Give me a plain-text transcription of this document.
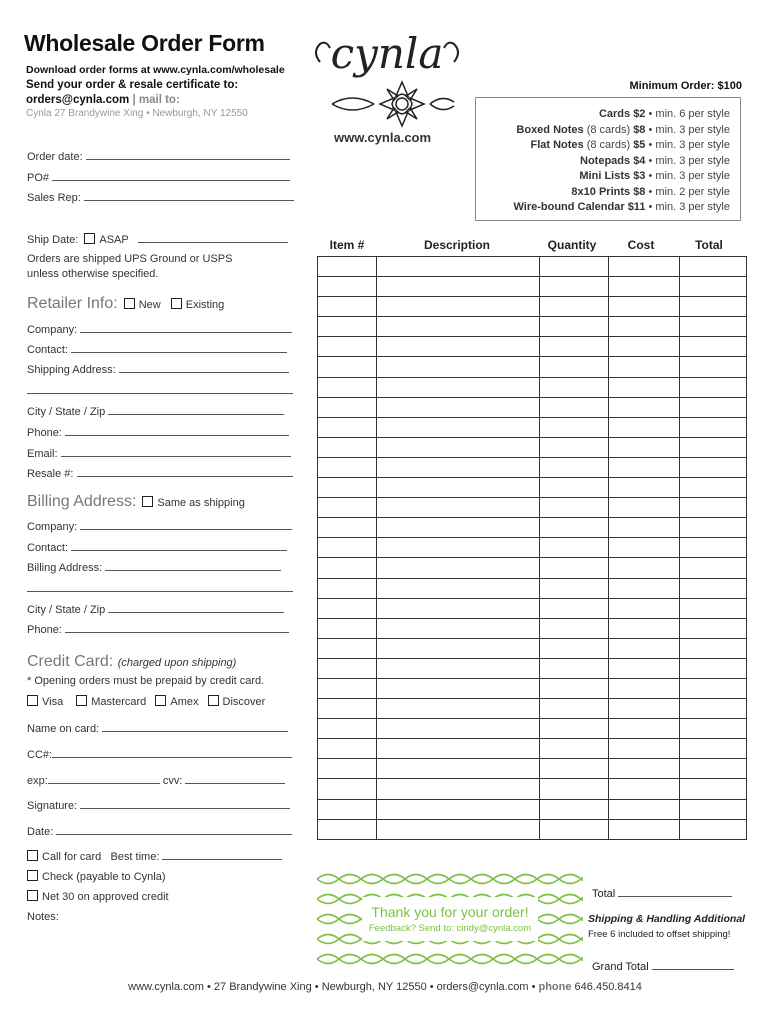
Wholesale Order Form
Download order forms at www.cynla.com/wholesale
Send your order & resale certificate to:
orders@cynla.com | mail to:
Cynla 27 Brandywine Xing • Newburgh, NY 12550
cynla
www.cynla.com
Minimum Order: $100
Cards $2 • min. 6 per style
Boxed Notes (8 cards) $8 • min. 3 per style
Flat Notes (8 cards) $5 • min. 3 per style
Notepads $4 • min. 3 per style
Mini Lists $3 • min. 3 per style
8x10 Prints $8 • min. 2 per style
Wire-bound Calendar $11 • min. 3 per style
Order date:
PO#
Sales Rep:
Ship Date: ASAP
Orders are shipped UPS Ground or USPS
unless otherwise specified.
Retailer Info: New Existing
Company:
Contact:
Shipping Address:
City / State / Zip
Phone:
Email:
Resale #:
Billing Address: Same as shipping
Company:
Contact:
Billing Address:
City / State / Zip
Phone:
Credit Card: (charged upon shipping)
* Opening orders must be prepaid by credit card.
Visa	Mastercard Amex Discover
Name on card:
CC#:
exp:	cvv:
Signature:
Date:
Call for card Best time:
Check (payable to Cynla)
Net 30 on approved credit
Notes:
Item #	Description	Quantity	Cost	Total

Thank you for your order!
Feedback? Send to: cindy@cynla.com
Total
Shipping & Handling Additional
Free 6 included to offset shipping!
Grand Total
www.cynla.com • 27 Brandywine Xing • Newburgh, NY 12550 • orders@cynla.com • phone 646.450.8414
